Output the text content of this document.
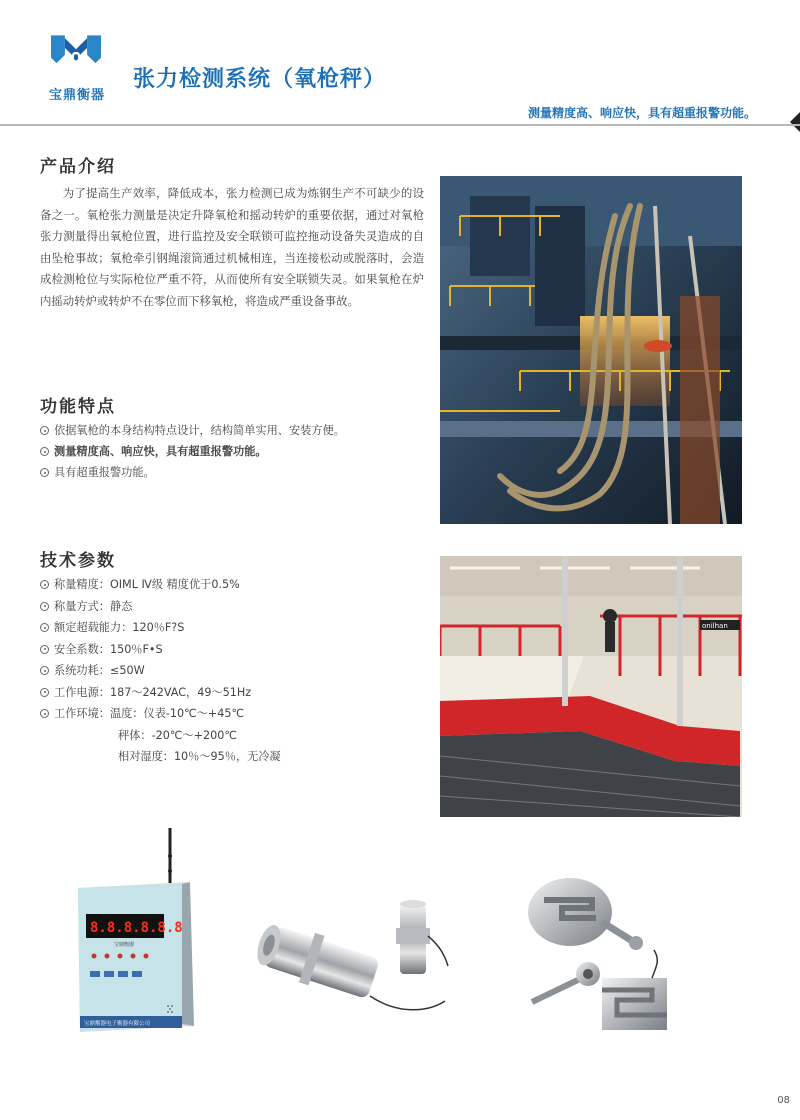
宝鼎衡器
张力检测系统（氧枪秤）
测量精度高、响应快，具有超重报警功能。
产品介绍

为了提高生产效率，降低成本，张力检测已成为炼钢生产不可缺少的设备之一。氧枪张力测量是决定升降氧枪和摇动转炉的重要依据，通过对氧枪张力测量得出氧枪位置，进行监控及安全联锁可监控拖动设备失灵造成的自由坠枪事故；氧枪牵引钢绳滚筒通过机械相连，当连接松动或脱落时，会造成检测枪位与实际枪位严重不符，从而使所有安全联锁失灵。如果氧枪在炉内摇动转炉或转炉不在零位而下移氧枪，将造成严重设备事故。

功能特点
依据氧枪的本身结构特点设计，结构简单实用、安装方便。
测量精度高、响应快，具有超重报警功能。
具有超重报警功能。
技术参数
称量精度：OIML Ⅳ级 精度优于0.5%
称量方式：静态
额定超载能力：120％F?S
安全系数：150％F•S
系统功耗：≤50W
工作电源：187～242VAC，49～51Hz
工作环境：温度：仪表-10℃～+45℃
秤体：-20℃～+200℃
相对湿度：10％～95％，无冷凝
onilhan
8.8.8.8.8.8
宝鼎衡器
宝鼎衡器电子衡器有限公司
08
